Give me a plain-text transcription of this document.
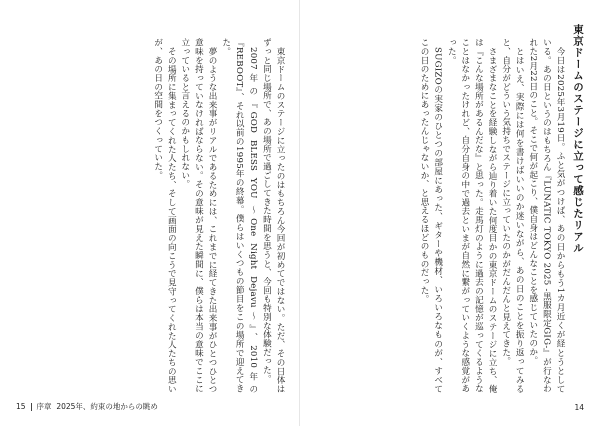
東京ドームのステージに立ったのはもちろん今回が初めてではない。ただ、その日体はずっと同じ場所で、あの場所で過ごしてきた時間を思うと、今回も特別な体験だった。

2007年の『GOD BLESS YOU ～One Night Dejavu～』、2010年の『REBOOT』、それ以前の1995年の終幕。僕らはいくつもの節目をこの場所で迎えてきた。

夢のような出来事がリアルであるためには、これまでに経てきた出来事がひとつひとつ意味を持っていなければならない。その意味が見えた瞬間に、僕らは本当の意味でここに立っていると言えるのかもしれない。

その場所に集まってくれた人たち、そして画面の向こうで見守ってくれた人たちの思いが、あの日の空間をつくっていた。

15 序章 2025年、約束の地からの眺め
東京ドームのステージに立って感じたリアル

今日は2025年3月19日。ふと気がつけば、あの日からもう1カ月近くが経とうとしている。あの日というのはもちろん『LUNATIC TOKYO 2025 -黒服限定GIG-』が行なわれた2月22日のこと。そこで何が起こり、僕自身はどんなことを感じていたのか。

とはいえ、実際には何を書けばいいのか迷いながら、あの日のことを振り返ってみると、自分がどういう気持ちでステージに立っていたのかがだんだんと見えてきた。

さまざまなことを経験しながら辿り着いた何度目かの東京ドームのステージに立ち、俺は『こんな場所があるんだな』と思った。走馬灯のように過去の記憶が巡ってくるようなことはなかったけれど、自分自身の中で過去といまが自然に繋がっていくような感覚があった。

SUGIZOの実家のひとつの部屋にあった、ギターや機材、いろいろなものが、すべてこの日のためにあったんじゃないか、と思えるほどのものだった。

14
